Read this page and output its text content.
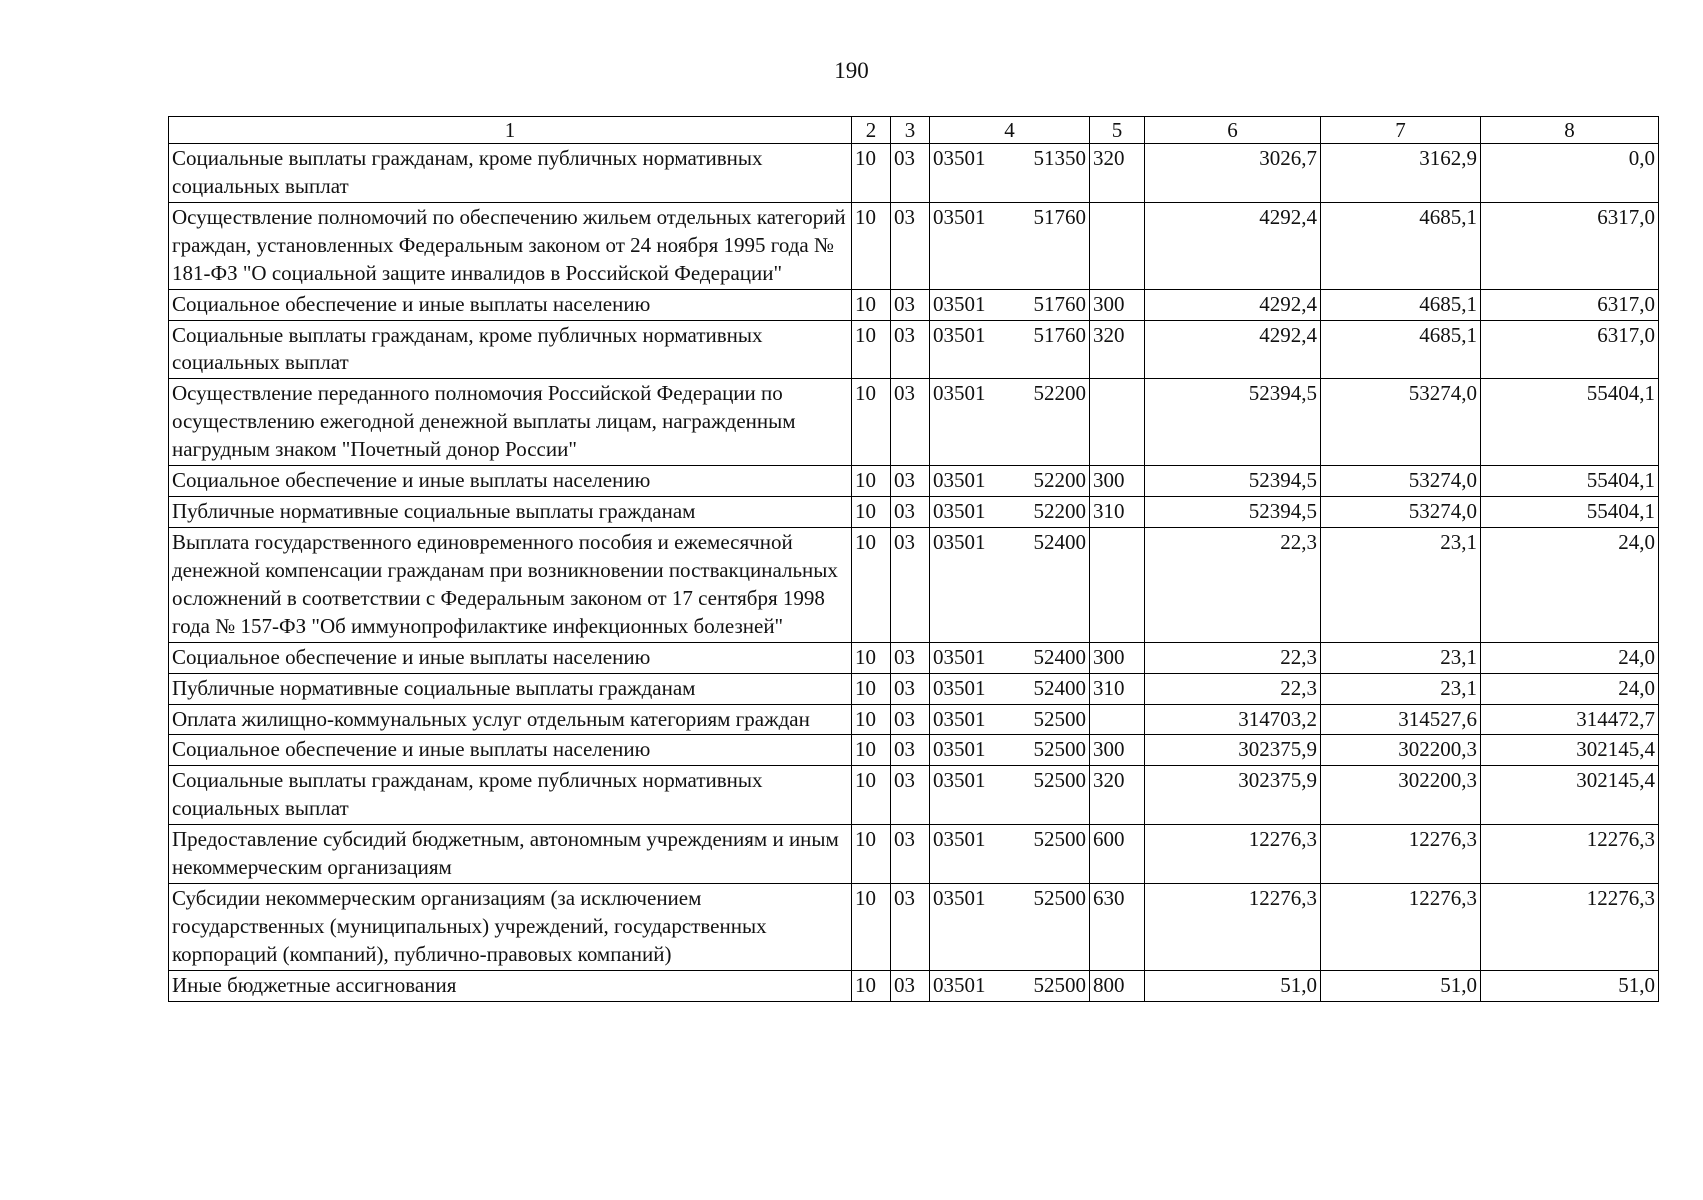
190
1	2	3	4	5	6	7	8
Социальные выплаты гражданам, кроме публичных нормативных социальных выплат	10	03	03501 51350	320	3026,7	3162,9	0,0
Осуществление полномочий по обеспечению жильем отдельных категорий граждан, установленных Федеральным законом от 24 ноября 1995 года № 181-ФЗ "О социальной защите инвалидов в Российской Федерации"	10	03	03501 51760		4292,4	4685,1	6317,0
Социальное обеспечение и иные выплаты населению	10	03	03501 51760	300	4292,4	4685,1	6317,0
Социальные выплаты гражданам, кроме публичных нормативных социальных выплат	10	03	03501 51760	320	4292,4	4685,1	6317,0
Осуществление переданного полномочия Российской Федерации по осуществлению ежегодной денежной выплаты лицам, награжденным нагрудным знаком "Почетный донор России"	10	03	03501 52200		52394,5	53274,0	55404,1
Социальное обеспечение и иные выплаты населению	10	03	03501 52200	300	52394,5	53274,0	55404,1
Публичные нормативные социальные выплаты гражданам	10	03	03501 52200	310	52394,5	53274,0	55404,1
Выплата государственного единовременного пособия и ежемесячной денежной компенсации гражданам при возникновении поствакцинальных осложнений в соответствии с Федеральным законом от 17 сентября 1998 года № 157-ФЗ "Об иммунопрофилактике инфекционных болезней"	10	03	03501 52400		22,3	23,1	24,0
Социальное обеспечение и иные выплаты населению	10	03	03501 52400	300	22,3	23,1	24,0
Публичные нормативные социальные выплаты гражданам	10	03	03501 52400	310	22,3	23,1	24,0
Оплата жилищно-коммунальных услуг отдельным категориям граждан	10	03	03501 52500		314703,2	314527,6	314472,7
Социальное обеспечение и иные выплаты населению	10	03	03501 52500	300	302375,9	302200,3	302145,4
Социальные выплаты гражданам, кроме публичных нормативных социальных выплат	10	03	03501 52500	320	302375,9	302200,3	302145,4
Предоставление субсидий бюджетным, автономным учреждениям и иным некоммерческим организациям	10	03	03501 52500	600	12276,3	12276,3	12276,3
Субсидии некоммерческим организациям (за исключением государственных (муниципальных) учреждений, государственных корпораций (компаний), публично-правовых компаний)	10	03	03501 52500	630	12276,3	12276,3	12276,3
Иные бюджетные ассигнования	10	03	03501 52500	800	51,0	51,0	51,0
